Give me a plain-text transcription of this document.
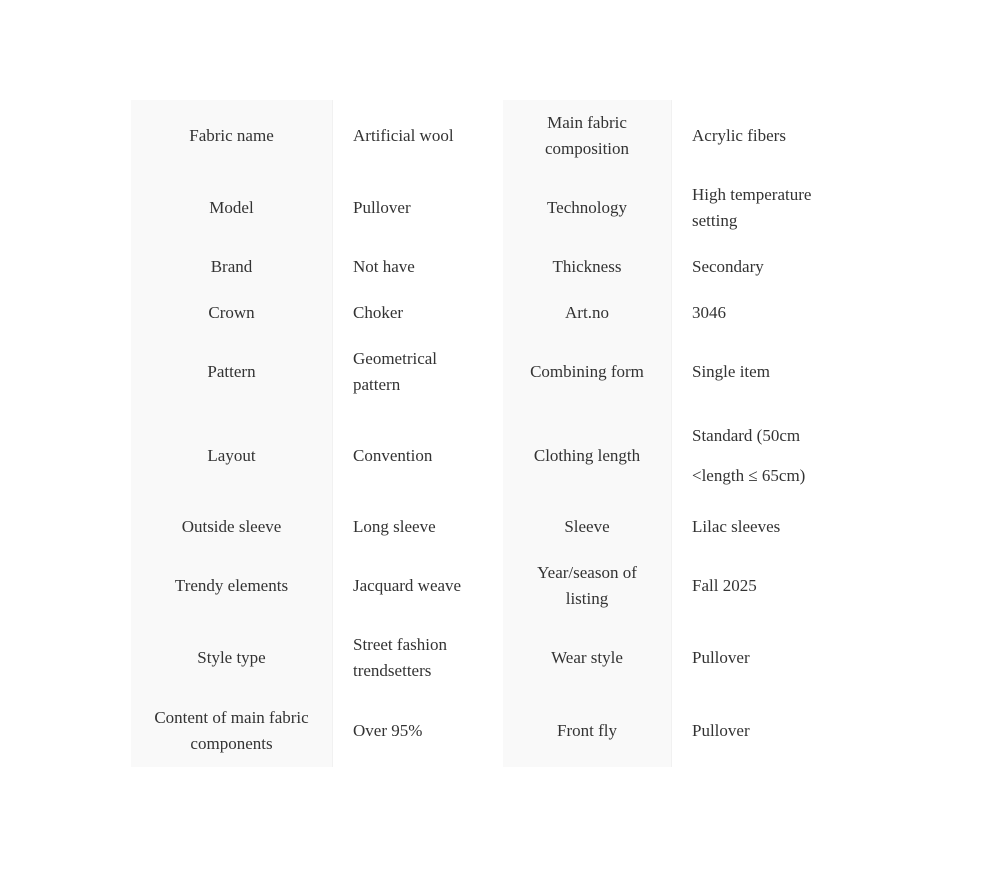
Fabric name	Artificial wool	Main fabric composition	Acrylic fibers
Model	Pullover	Technology	High temperature setting
Brand	Not have	Thickness	Secondary
Crown	Choker	Art.no	3046
Pattern	Geometrical pattern	Combining form	Single item
Layout	Convention	Clothing length	Standard (50cm <length ≤ 65cm)
Outside sleeve	Long sleeve	Sleeve	Lilac sleeves
Trendy elements	Jacquard weave	Year/season of listing	Fall 2025
Style type	Street fashion trendsetters	Wear style	Pullover
Content of main fabric components	Over 95%	Front fly	Pullover
